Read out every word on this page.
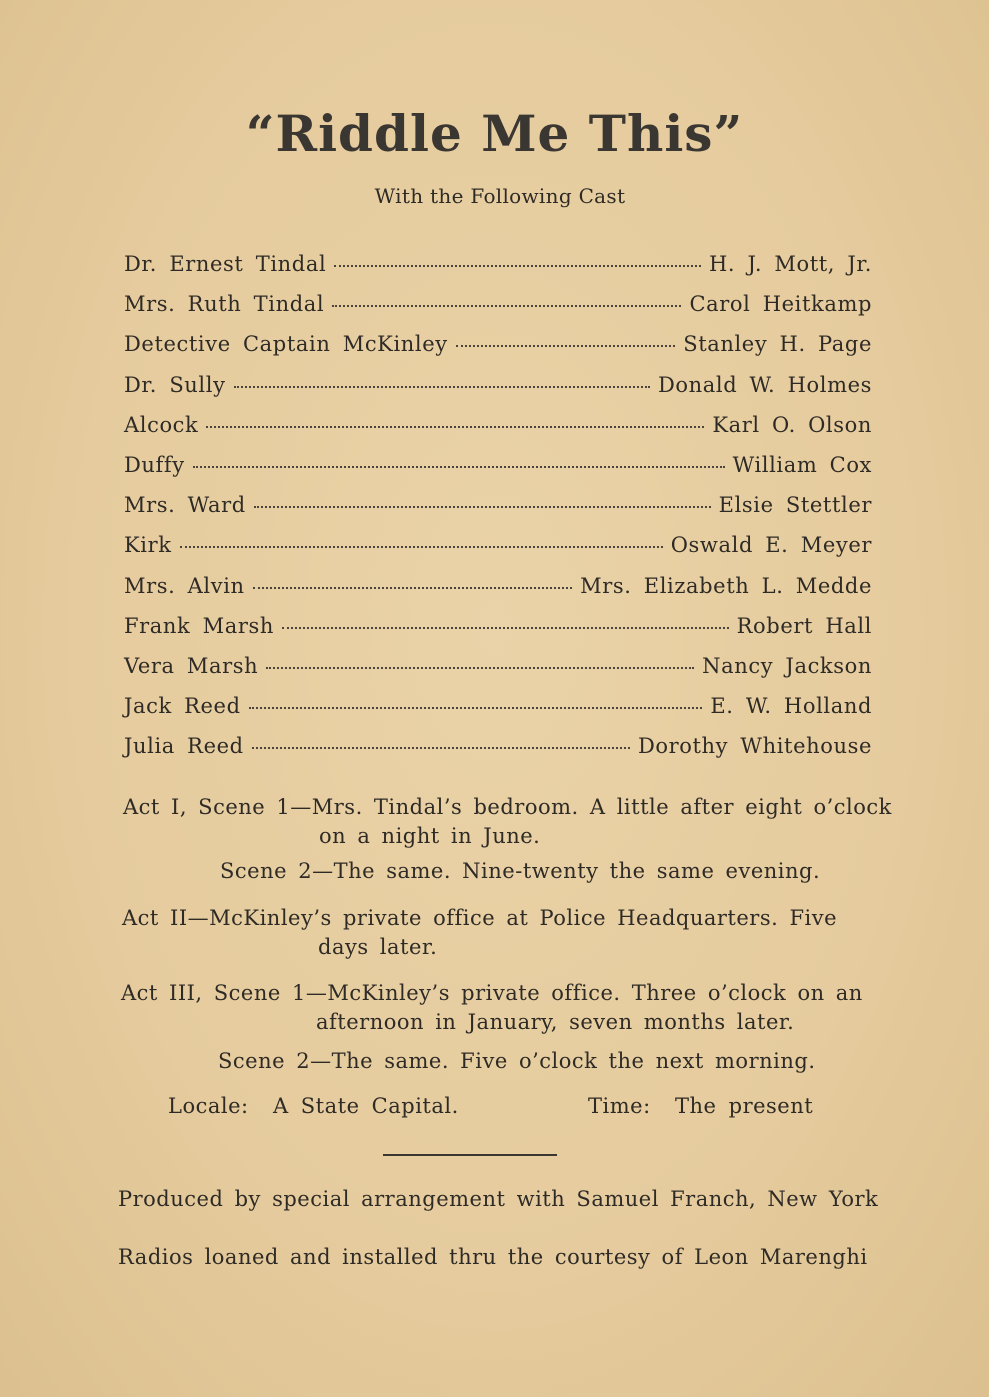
“Riddle Me This”
With the Following Cast
Dr. Ernest Tindal	H. J. Mott, Jr.
Mrs. Ruth Tindal	Carol Heitkamp
Detective Captain McKinley	Stanley H. Page
Dr. Sully	Donald W. Holmes
Alcock	Karl O. Olson
Duffy	William Cox
Mrs. Ward	Elsie Stettler
Kirk	Oswald E. Meyer
Mrs. Alvin	Mrs. Elizabeth L. Medde
Frank Marsh	Robert Hall
Vera Marsh	Nancy Jackson
Jack Reed	E. W. Holland
Julia Reed	Dorothy Whitehouse
Act I, Scene 1—Mrs. Tindal’s bedroom. A little after eight o’clock
on a night in June.
Scene 2—The same. Nine-twenty the same evening.
Act II—McKinley’s private office at Police Headquarters. Five
days later.
Act III, Scene 1—McKinley’s private office. Three o’clock on an
afternoon in January, seven months later.
Scene 2—The same. Five o’clock the next morning.
Locale:  A State Capital.	Time:  The present
Produced by special arrangement with Samuel Franch, New York
Radios loaned and installed thru the courtesy of Leon Marenghi
